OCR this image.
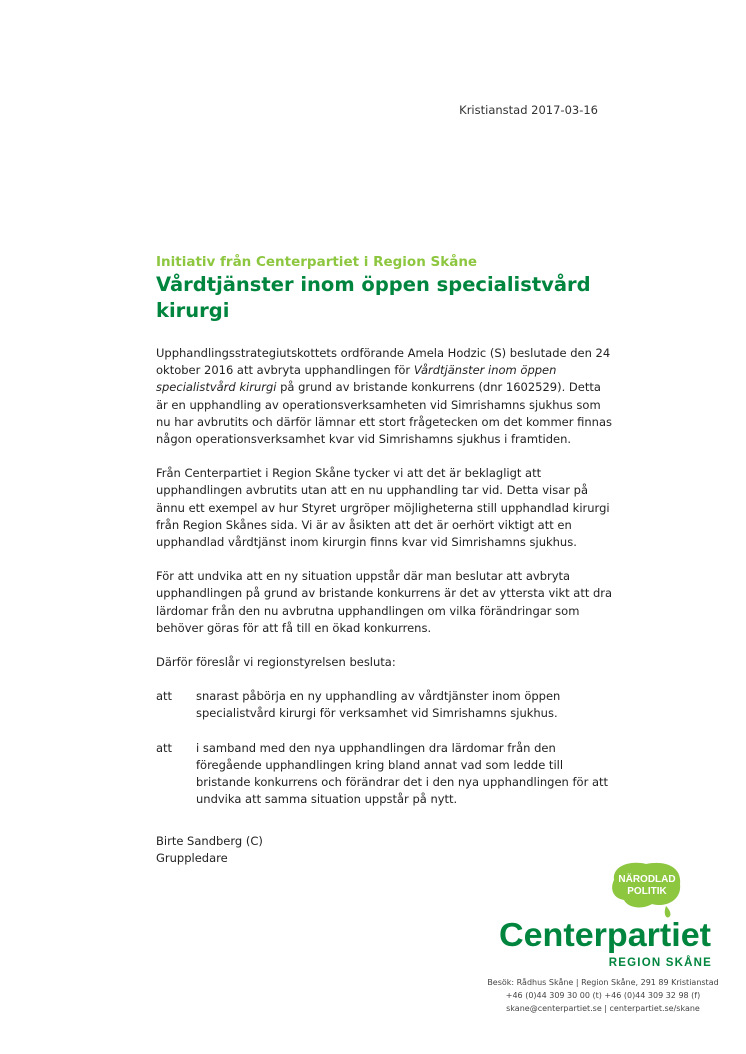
Kristianstad 2017-03-16
Initiativ från Centerpartiet i Region Skåne
Vårdtjänster inom öppen specialistvård kirurgi

Upphandlingsstrategiutskottets ordförande Amela Hodzic (S) beslutade den 24 oktober 2016 att avbryta upphandlingen för Vårdtjänster inom öppen specialistvård kirurgi på grund av bristande konkurrens (dnr 1602529). Detta är en upphandling av operationsverksamheten vid Simrishamns sjukhus som nu har avbrutits och därför lämnar ett stort frågetecken om det kommer finnas någon operationsverksamhet kvar vid Simrishamns sjukhus i framtiden.

Från Centerpartiet i Region Skåne tycker vi att det är beklagligt att upphandlingen avbrutits utan att en nu upphandling tar vid. Detta visar på ännu ett exempel av hur Styret urgröper möjligheterna still upphandlad kirurgi från Region Skånes sida. Vi är av åsikten att det är oerhört viktigt att en upphandlad vårdtjänst inom kirurgin finns kvar vid Simrishamns sjukhus.

För att undvika att en ny situation uppstår där man beslutar att avbryta upphandlingen på grund av bristande konkurrens är det av yttersta vikt att dra lärdomar från den nu avbrutna upphandlingen om vilka förändringar som behöver göras för att få till en ökad konkurrens.

Därför föreslår vi regionstyrelsen besluta:

att	snarast påbörja en ny upphandling av vårdtjänster inom öppen specialistvård kirurgi för verksamhet vid Simrishamns sjukhus.
att	i samband med den nya upphandlingen dra lärdomar från den föregående upphandlingen kring bland annat vad som ledde till bristande konkurrens och förändrar det i den nya upphandlingen för att undvika att samma situation uppstår på nytt.
Birte Sandberg (C)
Gruppledare
NÄRODLAD
POLITIK
Centerpartiet
REGION SKÅNE
Besök: Rådhus Skåne | Region Skåne, 291 89 Kristianstad
+46 (0)44 309 30 00 (t) +46 (0)44 309 32 98 (f)
skane@centerpartiet.se | centerpartiet.se/skane
